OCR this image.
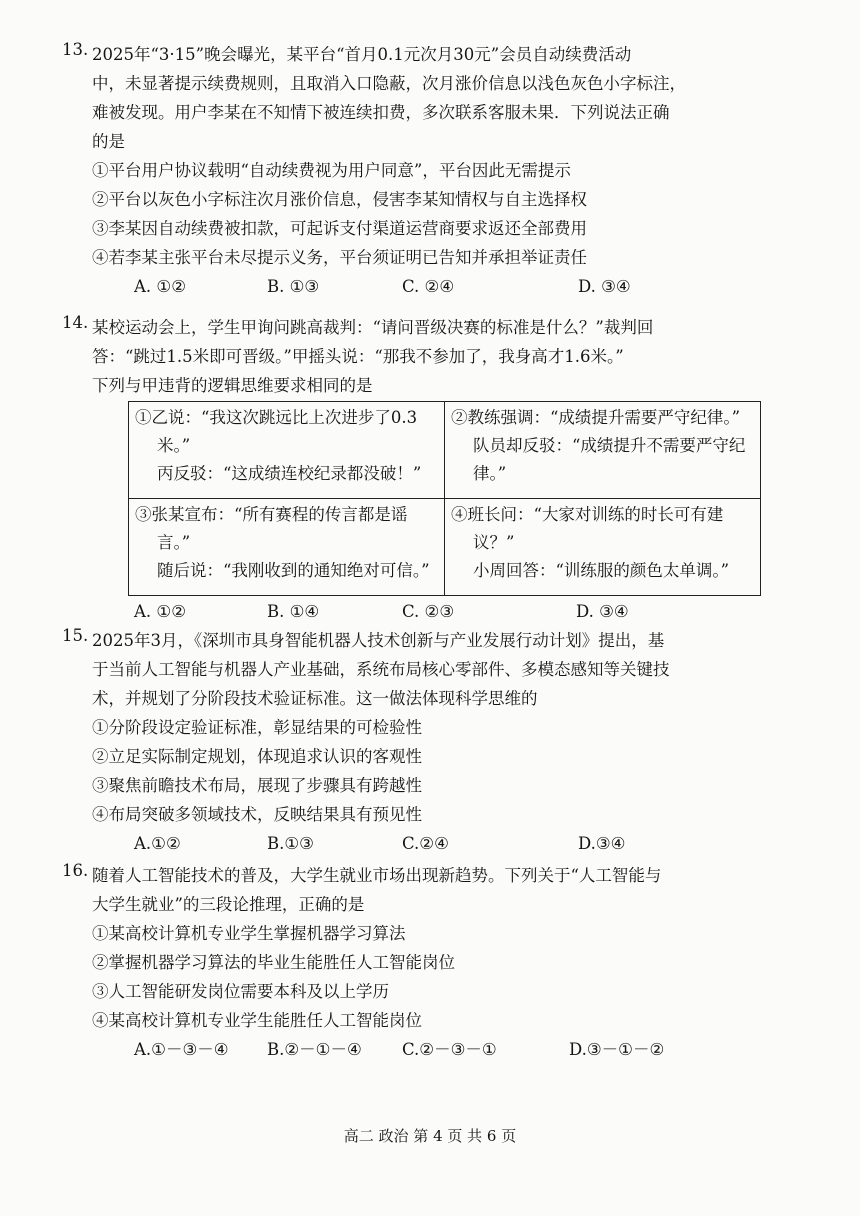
13. 2025年“3·15”晚会曝光，某平台“首月0.1元次月30元”会员自动续费活动
中，未显著提示续费规则，且取消入口隐蔽，次月涨价信息以浅色灰色小字标注，
难被发现。用户李某在不知情下被连续扣费，多次联系客服未果．下列说法正确
的是
①平台用户协议载明“自动续费视为用户同意”，平台因此无需提示
②平台以灰色小字标注次月涨价信息，侵害李某知情权与自主选择权
③李某因自动续费被扣款，可起诉支付渠道运营商要求返还全部费用
④若李某主张平台未尽提示义务，平台须证明已告知并承担举证责任
A. ①②	B. ①③	C. ②④	D. ③④
14. 某校运动会上，学生甲询问跳高裁判：“请问晋级决赛的标准是什么？”裁判回
答：“跳过1.5米即可晋级。”甲摇头说：“那我不参加了，我身高才1.6米。”
下列与甲违背的逻辑思维要求相同的是
①乙说：“我这次跳远比上次进步了0.3
米。”
丙反驳：“这成绩连校纪录都没破！”	②教练强调：“成绩提升需要严守纪律。”
队员却反驳：“成绩提升不需要严守纪
律。”

③张某宣布：“所有赛程的传言都是谣
言。”
随后说：“我刚收到的通知绝对可信。”	④班长问：“大家对训练的时长可有建
议？”
小周回答：“训练服的颜色太单调。”
A. ①②	B. ①④	C. ②③	D. ③④
15. 2025年3月，《深圳市具身智能机器人技术创新与产业发展行动计划》提出，基
于当前人工智能与机器人产业基础，系统布局核心零部件、多模态感知等关键技
术，并规划了分阶段技术验证标准。这一做法体现科学思维的
①分阶段设定验证标准，彰显结果的可检验性
②立足实际制定规划，体现追求认识的客观性
③聚焦前瞻技术布局，展现了步骤具有跨越性
④布局突破多领域技术，反映结果具有预见性
A.①②	B.①③	C.②④	D.③④
16. 随着人工智能技术的普及，大学生就业市场出现新趋势。下列关于“人工智能与
大学生就业”的三段论推理，正确的是
①某高校计算机专业学生掌握机器学习算法
②掌握机器学习算法的毕业生能胜任人工智能岗位
③人工智能研发岗位需要本科及以上学历
④某高校计算机专业学生能胜任人工智能岗位
A.①－③－④ B.②－①－④ C.②－③－①	D.③－①－②
高二 政治 第 4 页 共 6 页
